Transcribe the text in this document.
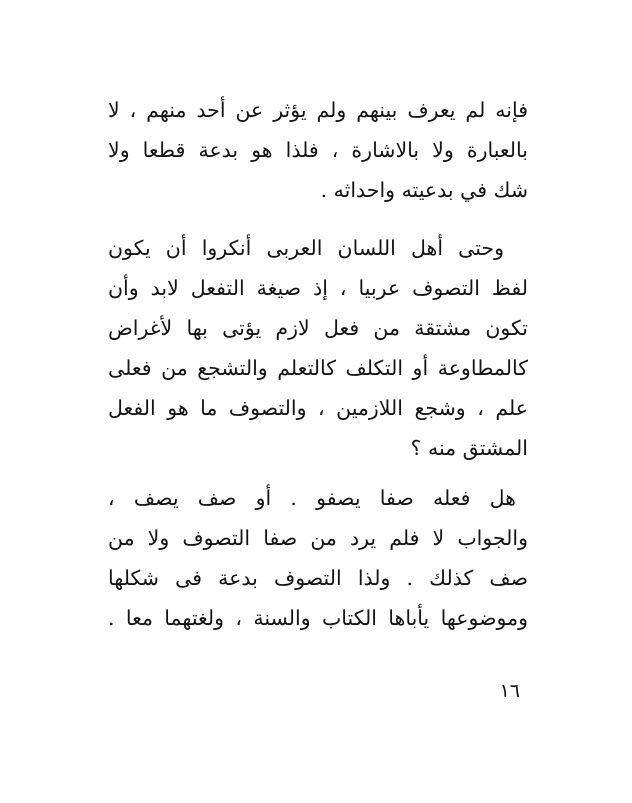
فإنه لم يعرف بينهم ولم يؤثر عن أحد منهم ، لا
بالعبارة ولا بالاشارة ، فلذا هو بدعة قطعا ولا
شك في بدعيته واحداثه .
وحتى أهل اللسان العربى أنكروا أن يكون
لفظ التصوف عربيا ، إذ صيغة التفعل لابد وأن
تكون مشتقة من فعل لازم يؤتى بها لأغراض
كالمطاوعة أو التكلف كالتعلم والتشجع من فعلى
علم ، وشجع اللازمين ، والتصوف ما هو الفعل
المشتق منه ؟
هل فعله صفا يصفو . أو صف يصف ،
والجواب لا فلم يرد من صفا التصوف ولا من
صف كذلك . ولذا التصوف بدعة فى شكلها
وموضوعها يأباها الكتاب والسنة ، ولغتهما معا .
١٦
